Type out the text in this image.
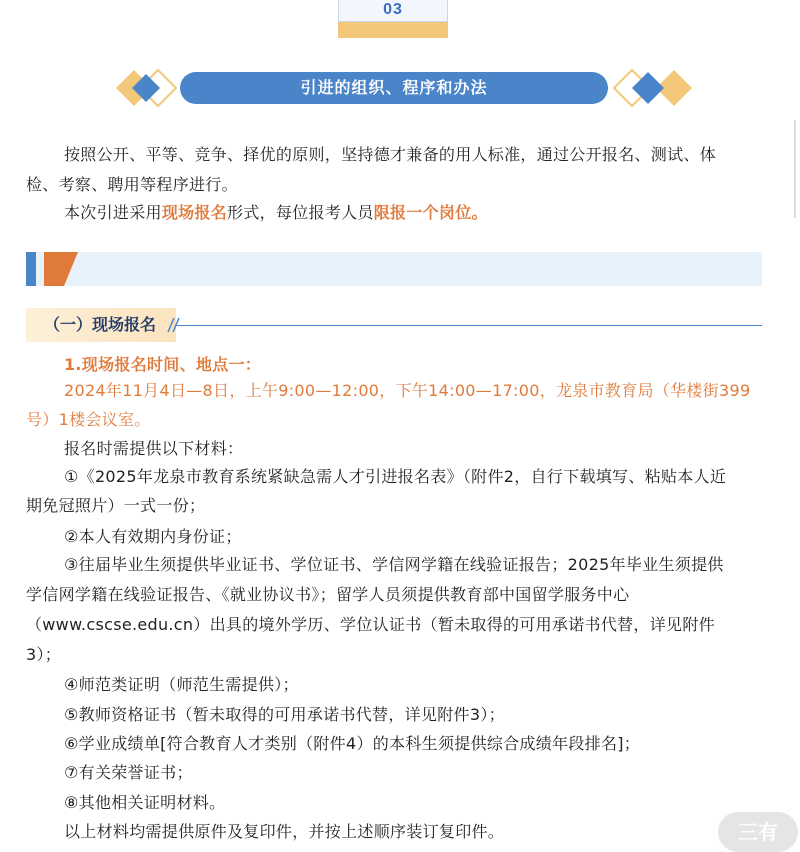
03
引进的组织、程序和办法

按照公开、平等、竞争、择优的原则，坚持德才兼备的用人标准，通过公开报名、测试、体

检、考察、聘用等程序进行。

本次引进采用现场报名形式，每位报考人员限报一个岗位。

（一）现场报名

1.现场报名时间、地点一：

2024年11月4日—8日，上午9:00—12:00，下午14:00—17:00，龙泉市教育局（华楼街399

号）1楼会议室。

报名时需提供以下材料：

①《2025年龙泉市教育系统紧缺急需人才引进报名表》（附件2，自行下载填写、粘贴本人近

期免冠照片）一式一份；

②本人有效期内身份证；

③往届毕业生须提供毕业证书、学位证书、学信网学籍在线验证报告；2025年毕业生须提供

学信网学籍在线验证报告、《就业协议书》；留学人员须提供教育部中国留学服务中心

（www.cscse.edu.cn）出具的境外学历、学位认证书（暂未取得的可用承诺书代替，详见附件

3）；

④师范类证明（师范生需提供）；

⑤教师资格证书（暂未取得的可用承诺书代替，详见附件3）；

⑥学业成绩单[符合教育人才类别（附件4）的本科生须提供综合成绩年段排名]；

⑦有关荣誉证书；

⑧其他相关证明材料。

以上材料均需提供原件及复印件，并按上述顺序装订复印件。	三有
